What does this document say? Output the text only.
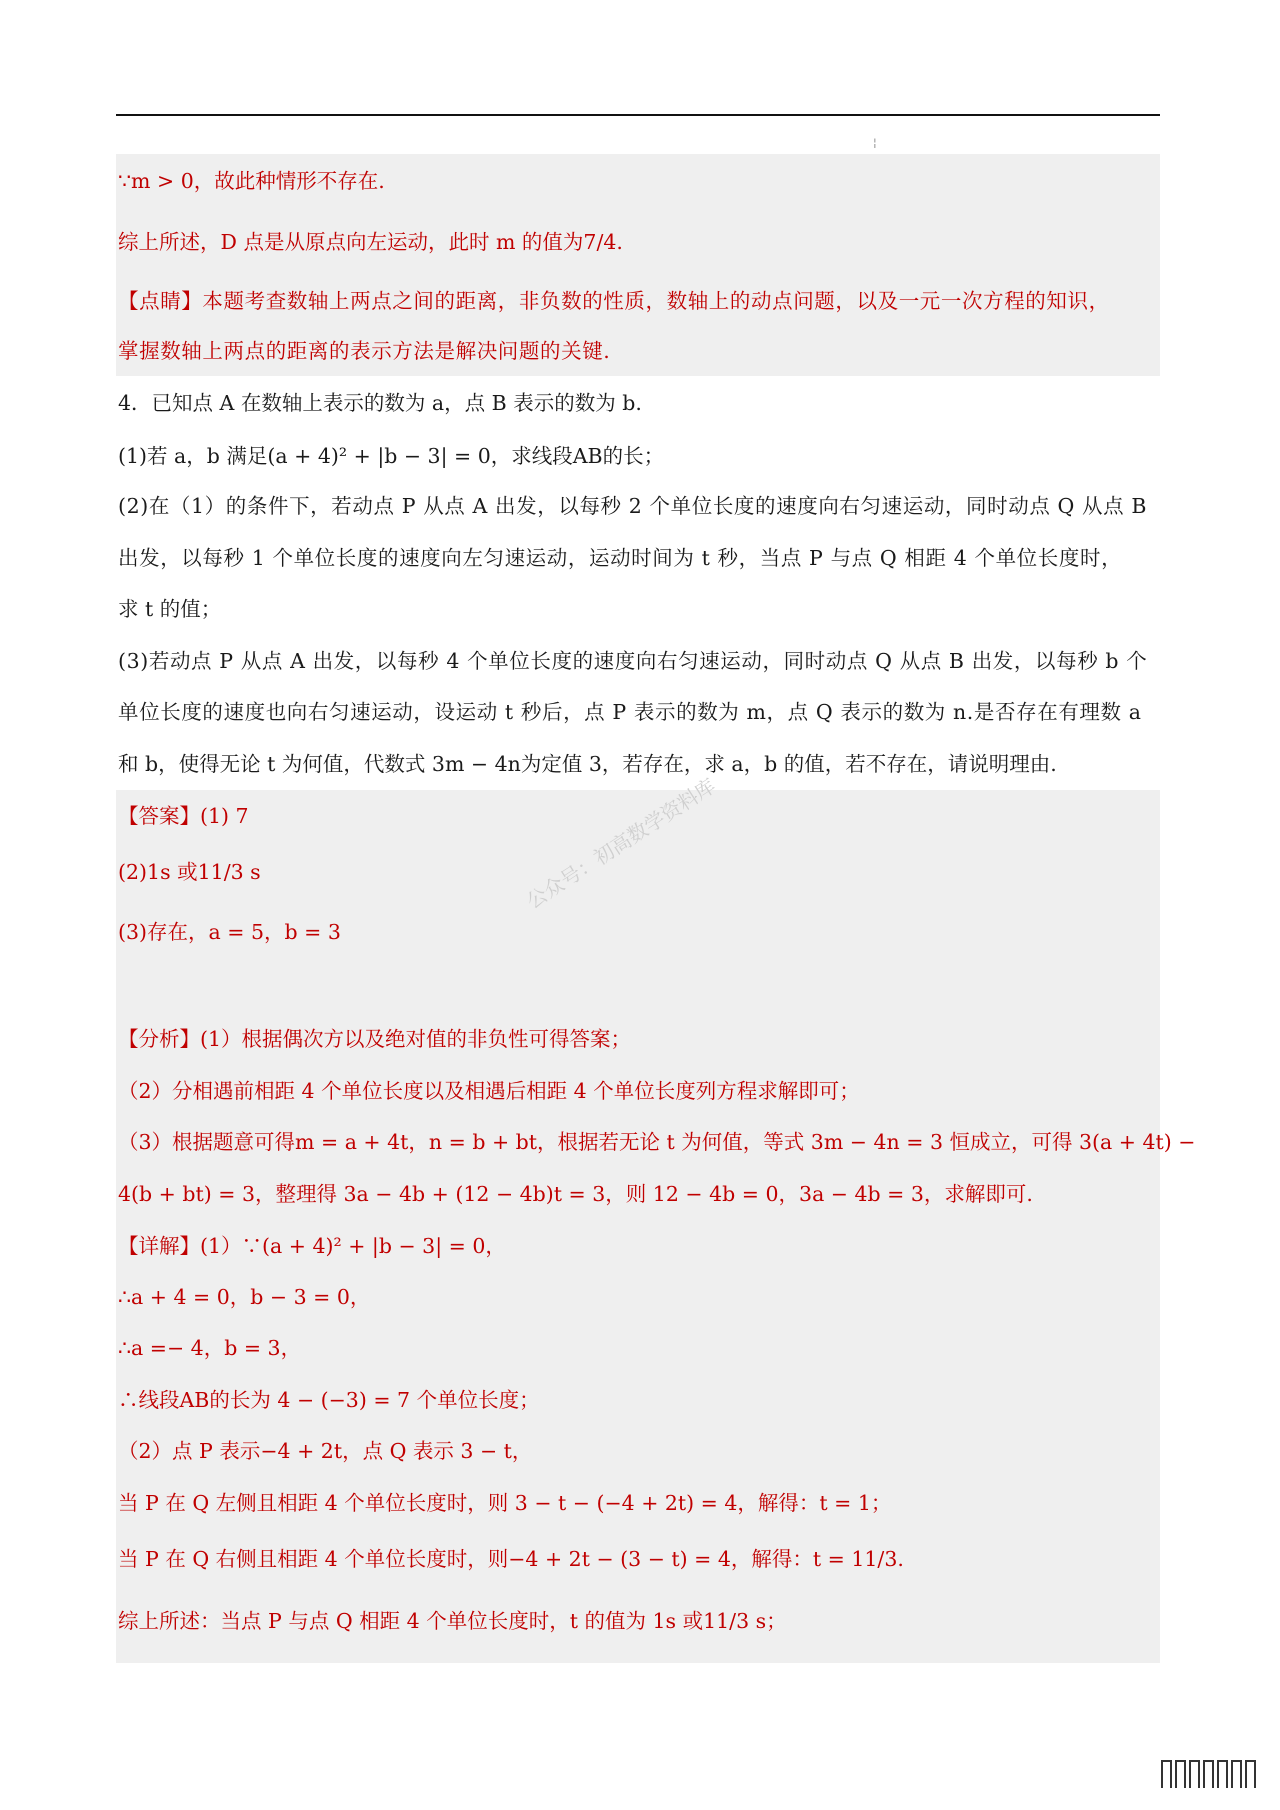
¦
∵m > 0，故此种情形不存在.
综上所述，D 点是从原点向左运动，此时 m 的值为7/4.
【点睛】本题考查数轴上两点之间的距离，非负数的性质，数轴上的动点问题，以及一元一次方程的知识，
掌握数轴上两点的距离的表示方法是解决问题的关键.
4．已知点 A 在数轴上表示的数为 a，点 B 表示的数为 b.
(1)若 a，b 满足(a + 4)² + |b − 3| = 0，求线段AB的长；
(2)在（1）的条件下，若动点 P 从点 A 出发，以每秒 2 个单位长度的速度向右匀速运动，同时动点 Q 从点 B
出发，以每秒 1 个单位长度的速度向左匀速运动，运动时间为 t 秒，当点 P 与点 Q 相距 4 个单位长度时，
求 t 的值；
(3)若动点 P 从点 A 出发，以每秒 4 个单位长度的速度向右匀速运动，同时动点 Q 从点 B 出发，以每秒 b 个
单位长度的速度也向右匀速运动，设运动 t 秒后，点 P 表示的数为 m，点 Q 表示的数为 n.是否存在有理数 a
和 b，使得无论 t 为何值，代数式 3m − 4n为定值 3，若存在，求 a，b 的值，若不存在，请说明理由.
【答案】(1) 7
(2)1s 或11/3 s
(3)存在，a = 5，b = 3
公众号：初高数学资料库
【分析】(1）根据偶次方以及绝对值的非负性可得答案；
（2）分相遇前相距 4 个单位长度以及相遇后相距 4 个单位长度列方程求解即可；
（3）根据题意可得m = a + 4t，n = b + bt，根据若无论 t 为何值，等式 3m − 4n = 3 恒成立，可得 3(a + 4t) −
4(b + bt) = 3，整理得 3a − 4b + (12 − 4b)t = 3，则 12 − 4b = 0，3a − 4b = 3，求解即可.
【详解】(1）∵(a + 4)² + |b − 3| = 0，
∴a + 4 = 0，b − 3 = 0，
∴a =− 4，b = 3，
∴线段AB的长为 4 − (−3) = 7 个单位长度；
（2）点 P 表示−4 + 2t，点 Q 表示 3 − t，
当 P 在 Q 左侧且相距 4 个单位长度时，则 3 − t − (−4 + 2t) = 4，解得：t = 1；
当 P 在 Q 右侧且相距 4 个单位长度时，则−4 + 2t − (3 − t) = 4，解得：t = 11/3.
综上所述：当点 P 与点 Q 相距 4 个单位长度时，t 的值为 1s 或11/3 s；
